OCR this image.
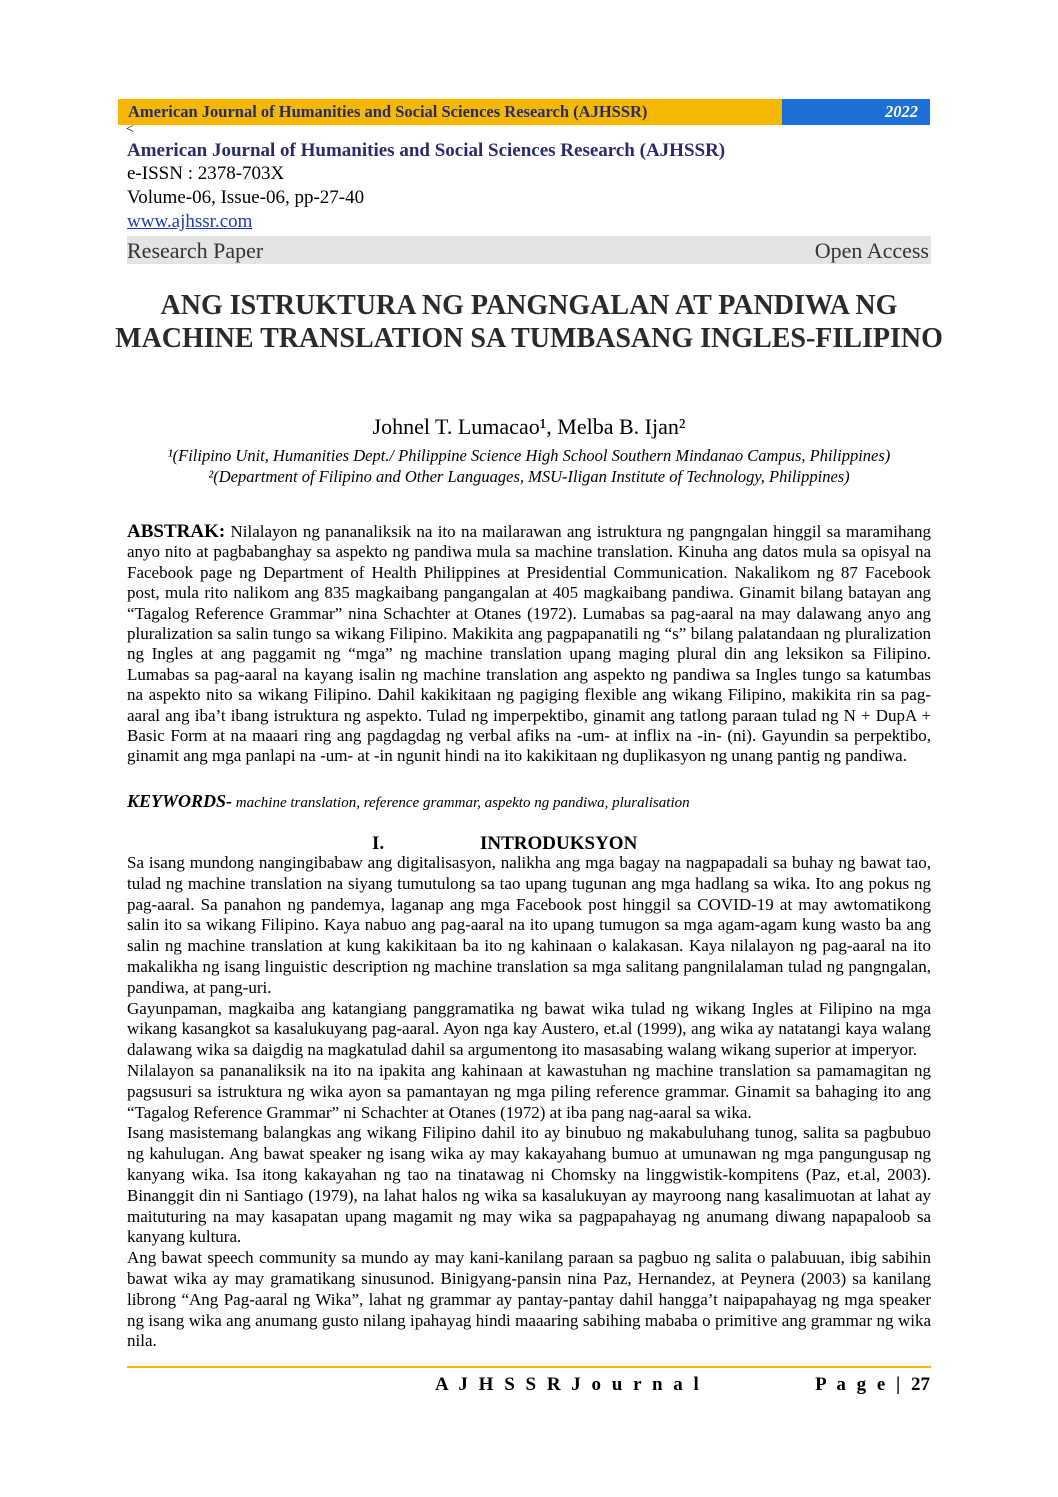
American Journal of Humanities and Social Sciences Research (AJHSSR)	2022
<
American Journal of Humanities and Social Sciences Research (AJHSSR)
e-ISSN : 2378-703X
Volume-06, Issue-06, pp-27-40
www.ajhssr.com
Research Paper	Open Access
ANG ISTRUKTURA NG PANGNGALAN AT PANDIWA NG MACHINE TRANSLATION SA TUMBASANG INGLES-FILIPINO
Johnel T. Lumacao¹, Melba B. Ijan²
¹(Filipino Unit, Humanities Dept./ Philippine Science High School Southern Mindanao Campus, Philippines)
²(Department of Filipino and Other Languages, MSU-Iligan Institute of Technology, Philippines)
ABSTRAK: Nilalayon ng pananaliksik na ito na mailarawan ang istruktura ng pangngalan hinggil sa maramihang anyo nito at pagbabanghay sa aspekto ng pandiwa mula sa machine translation. Kinuha ang datos mula sa opisyal na Facebook page ng Department of Health Philippines at Presidential Communication. Nakalikom ng 87 Facebook post, mula rito nalikom ang 835 magkaibang pangangalan at 405 magkaibang pandiwa. Ginamit bilang batayan ang “Tagalog Reference Grammar” nina Schachter at Otanes (1972). Lumabas sa pag-aaral na may dalawang anyo ang pluralization sa salin tungo sa wikang Filipino. Makikita ang pagpapanatili ng “s” bilang palatandaan ng pluralization ng Ingles at ang paggamit ng “mga” ng machine translation upang maging plural din ang leksikon sa Filipino. Lumabas sa pag-aaral na kayang isalin ng machine translation ang aspekto ng pandiwa sa Ingles tungo sa katumbas na aspekto nito sa wikang Filipino. Dahil kakikitaan ng pagiging flexible ang wikang Filipino, makikita rin sa pag-aaral ang iba’t ibang istruktura ng aspekto. Tulad ng imperpektibo, ginamit ang tatlong paraan tulad ng N + DupA + Basic Form at na maaari ring ang pagdagdag ng verbal afiks na -um- at inflix na -in- (ni). Gayundin sa perpektibo, ginamit ang mga panlapi na -um- at -in ngunit hindi na ito kakikitaan ng duplikasyon ng unang pantig ng pandiwa.
KEYWORDS- machine translation, reference grammar, aspekto ng pandiwa, pluralisation
I.	INTRODUKSYON

Sa isang mundong nangingibabaw ang digitalisasyon, nalikha ang mga bagay na nagpapadali sa buhay ng bawat tao, tulad ng machine translation na siyang tumutulong sa tao upang tugunan ang mga hadlang sa wika. Ito ang pokus ng pag-aaral. Sa panahon ng pandemya, laganap ang mga Facebook post hinggil sa COVID-19 at may awtomatikong salin ito sa wikang Filipino. Kaya nabuo ang pag-aaral na ito upang tumugon sa mga agam-agam kung wasto ba ang salin ng machine translation at kung kakikitaan ba ito ng kahinaan o kalakasan. Kaya nilalayon ng pag-aaral na ito makalikha ng isang linguistic description ng machine translation sa mga salitang pangnilalaman tulad ng pangngalan, pandiwa, at pang-uri.

Gayunpaman, magkaiba ang katangiang panggramatika ng bawat wika tulad ng wikang Ingles at Filipino na mga wikang kasangkot sa kasalukuyang pag-aaral. Ayon nga kay Austero, et.al (1999), ang wika ay natatangi kaya walang dalawang wika sa daigdig na magkatulad dahil sa argumentong ito masasabing walang wikang superior at imperyor.

Nilalayon sa pananaliksik na ito na ipakita ang kahinaan at kawastuhan ng machine translation sa pamamagitan ng pagsusuri sa istruktura ng wika ayon sa pamantayan ng mga piling reference grammar. Ginamit sa bahaging ito ang “Tagalog Reference Grammar” ni Schachter at Otanes (1972) at iba pang nag-aaral sa wika.

Isang masistemang balangkas ang wikang Filipino dahil ito ay binubuo ng makabuluhang tunog, salita sa pagbubuo ng kahulugan. Ang bawat speaker ng isang wika ay may kakayahang bumuo at umunawan ng mga pangungusap ng kanyang wika. Isa itong kakayahan ng tao na tinatawag ni Chomsky na linggwistik-kompitens (Paz, et.al, 2003). Binanggit din ni Santiago (1979), na lahat halos ng wika sa kasalukuyan ay mayroong nang kasalimuotan at lahat ay maituturing na may kasapatan upang magamit ng may wika sa pagpapahayag ng anumang diwang napapaloob sa kanyang kultura.

Ang bawat speech community sa mundo ay may kani-kanilang paraan sa pagbuo ng salita o palabuuan, ibig sabihin bawat wika ay may gramatikang sinusunod. Binigyang-pansin nina Paz, Hernandez, at Peynera (2003) sa kanilang librong “Ang Pag-aaral ng Wika”, lahat ng grammar ay pantay-pantay dahil hangga’t naipapahayag ng mga speaker ng isang wika ang anumang gusto nilang ipahayag hindi maaaring sabihing mababa o primitive ang grammar ng wika nila.

A J H S S R J o u r n a l	P a g e | 27
